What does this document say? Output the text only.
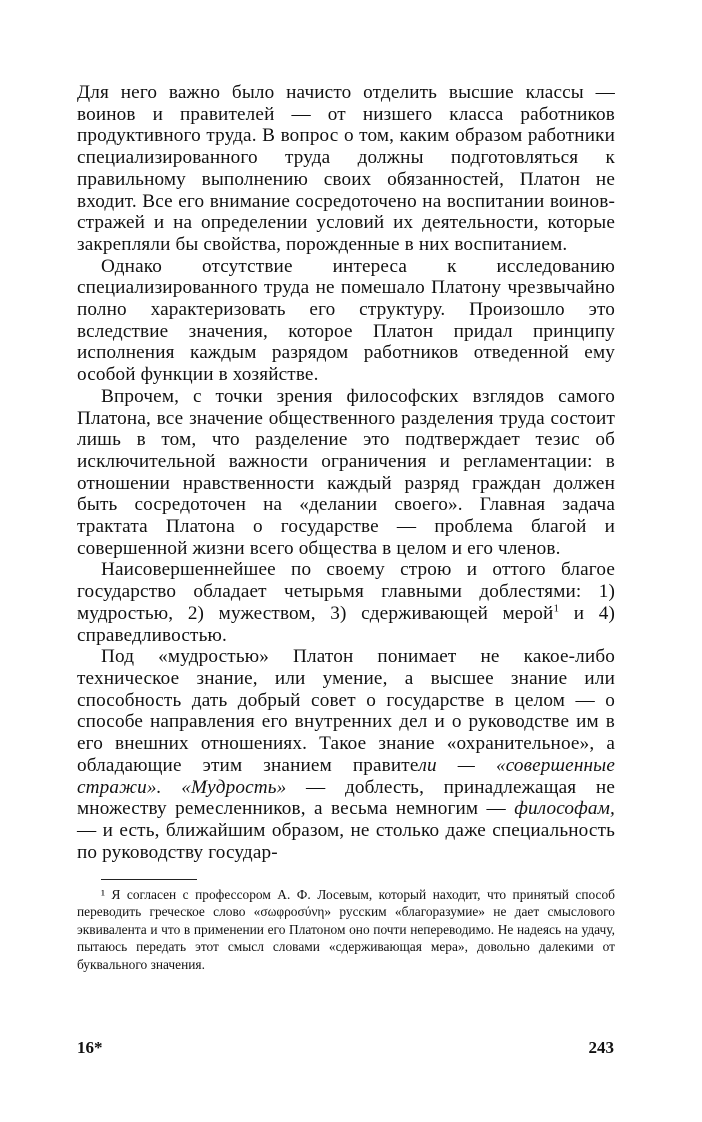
Для него важно было начисто отделить высшие классы — воинов и правителей — от низшего класса работников продуктивного труда. В вопрос о том, каким образом работники специализированного труда должны подготовляться к правильному выполнению своих обязанностей, Платон не входит. Все его внимание сосредоточено на воспитании воинов-стражей и на определении условий их деятельности, которые закрепляли бы свойства, порожденные в них воспитанием.

Однако отсутствие интереса к исследованию специализированного труда не помешало Платону чрезвычайно полно характеризовать его структуру. Произошло это вследствие значения, которое Платон придал принципу исполнения каждым разрядом работников отведенной ему особой функции в хозяйстве.

Впрочем, с точки зрения философских взглядов самого Платона, все значение общественного разделения труда состоит лишь в том, что разделение это подтверждает тезис об исключительной важности ограничения и регламентации: в отношении нравственности каждый разряд граждан должен быть сосредоточен на «делании своего». Главная задача трактата Платона о государстве — проблема благой и совершенной жизни всего общества в целом и его членов.

Наисовершеннейшее по своему строю и оттого благое государство обладает четырьмя главными доблестями: 1) мудростью, 2) мужеством, 3) сдерживающей мерой$^1$ и 4) справедливостью.

Под «мудростью» Платон понимает не какое-либо техническое знание, или умение, а высшее знание или способность дать добрый совет о государстве в целом — о способе направления его внутренних дел и о руководстве им в его внешних отношениях. Такое знание «охранительное», а обладающие этим знанием правители — «совершенные стражи». «Мудрость» — доблесть, принадлежащая не множеству ремесленников, а весьма немногим — философам, — и есть, ближайшим образом, не столько даже специальность по руководству государ-

¹ Я согласен с профессором А. Ф. Лосевым, который находит, что принятый способ переводить греческое слово «σωφροσύνη» русским «благоразумие» не дает смыслового эквивалента и что в применении его Платоном оно почти непереводимо. Не надеясь на удачу, пытаюсь передать этот смысл словами «сдерживающая мера», довольно далекими от буквального значения.

16*	243
